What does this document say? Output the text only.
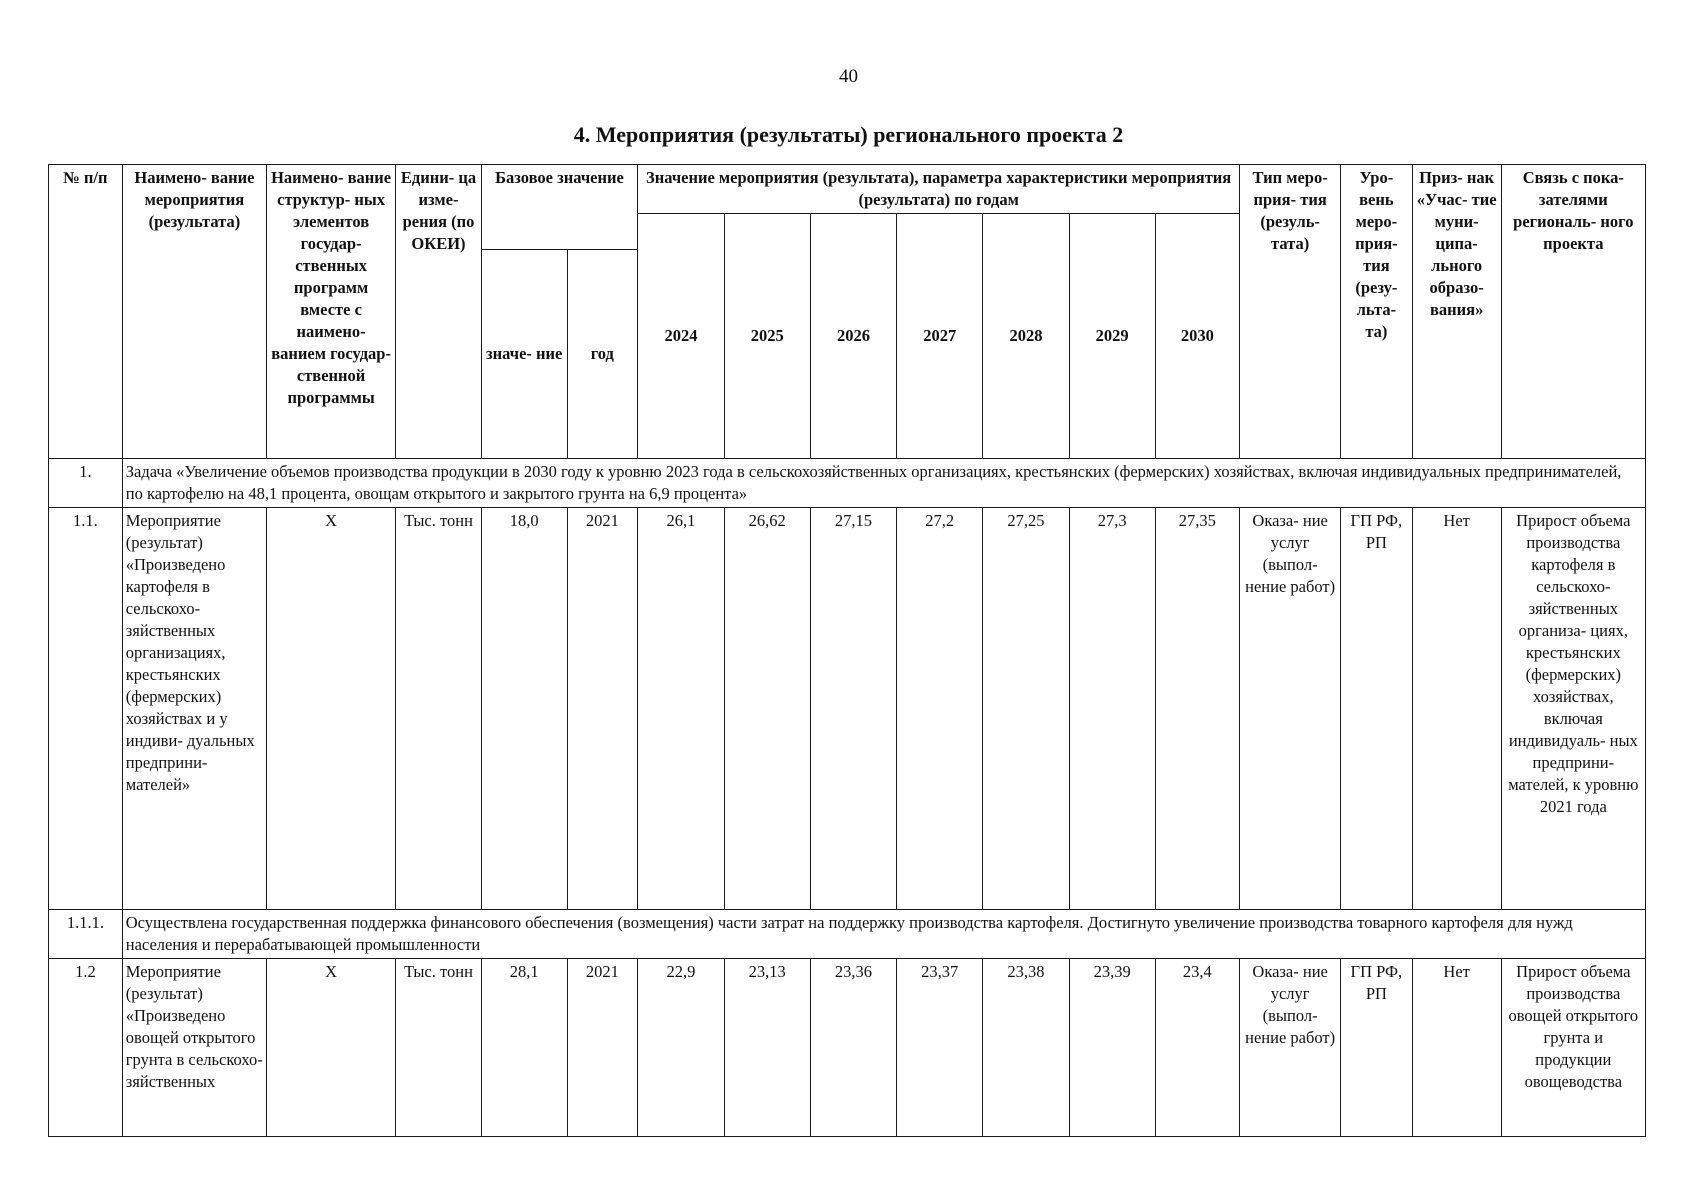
40
4. Мероприятия (результаты) регионального проекта 2
№ п/п	Наимено- вание мероприятия (результата)	Наимено- вание структур- ных элементов государ- ственных программ вместе с наимено- ванием государ- ственной программы	Едини- ца изме- рения (по ОКЕИ)	Базовое значение		Значение мероприятия (результата), параметра характеристики мероприятия (результата) по годам							Тип меро- прия- тия (резуль- тата)	Уро- вень меро- прия- тия (резу- льта- та)	Приз- нак «Учас- тие муни- ципа- льного образо- вания»	Связь с пока- зателями региональ- ного проекта
						2024	2025	2026	2027	2028	2029	2030				
				значе- ние	год											
1.	Задача «Увеличение объемов производства продукции в 2030 году к уровню 2023 года в сельскохозяйственных организациях, крестьянских (фермерских) хозяйствах, включая индивидуальных предпринимателей, по картофелю на 48,1 процента, овощам открытого и закрытого грунта на 6,9 процента»															
1.1.	Мероприятие (результат) «Произведено картофеля в сельскохо- зяйственных организациях, крестьянских (фермерских) хозяйствах и у индиви- дуальных предприни- мателей»	Х	Тыс. тонн	18,0	2021	26,1	26,62	27,15	27,2	27,25	27,3	27,35	Оказа- ние услуг (выпол- нение работ)	ГП РФ, РП	Нет	Прирост объема производства картофеля в сельскохо- зяйственных организа- циях, крестьянских (фермерских) хозяйствах, включая индивидуаль- ных предприни- мателей, к уровню 2021 года
1.1.1.	Осуществлена государственная поддержка финансового обеспечения (возмещения) части затрат на поддержку производства картофеля. Достигнуто увеличение производства товарного картофеля для нужд населения и перерабатывающей промышленности															
1.2	Мероприятие (результат) «Произведено овощей открытого грунта в сельскохо- зяйственных	Х	Тыс. тонн	28,1	2021	22,9	23,13	23,36	23,37	23,38	23,39	23,4	Оказа- ние услуг (выпол- нение работ)	ГП РФ, РП	Нет	Прирост объема производства овощей открытого грунта и продукции овощеводства
